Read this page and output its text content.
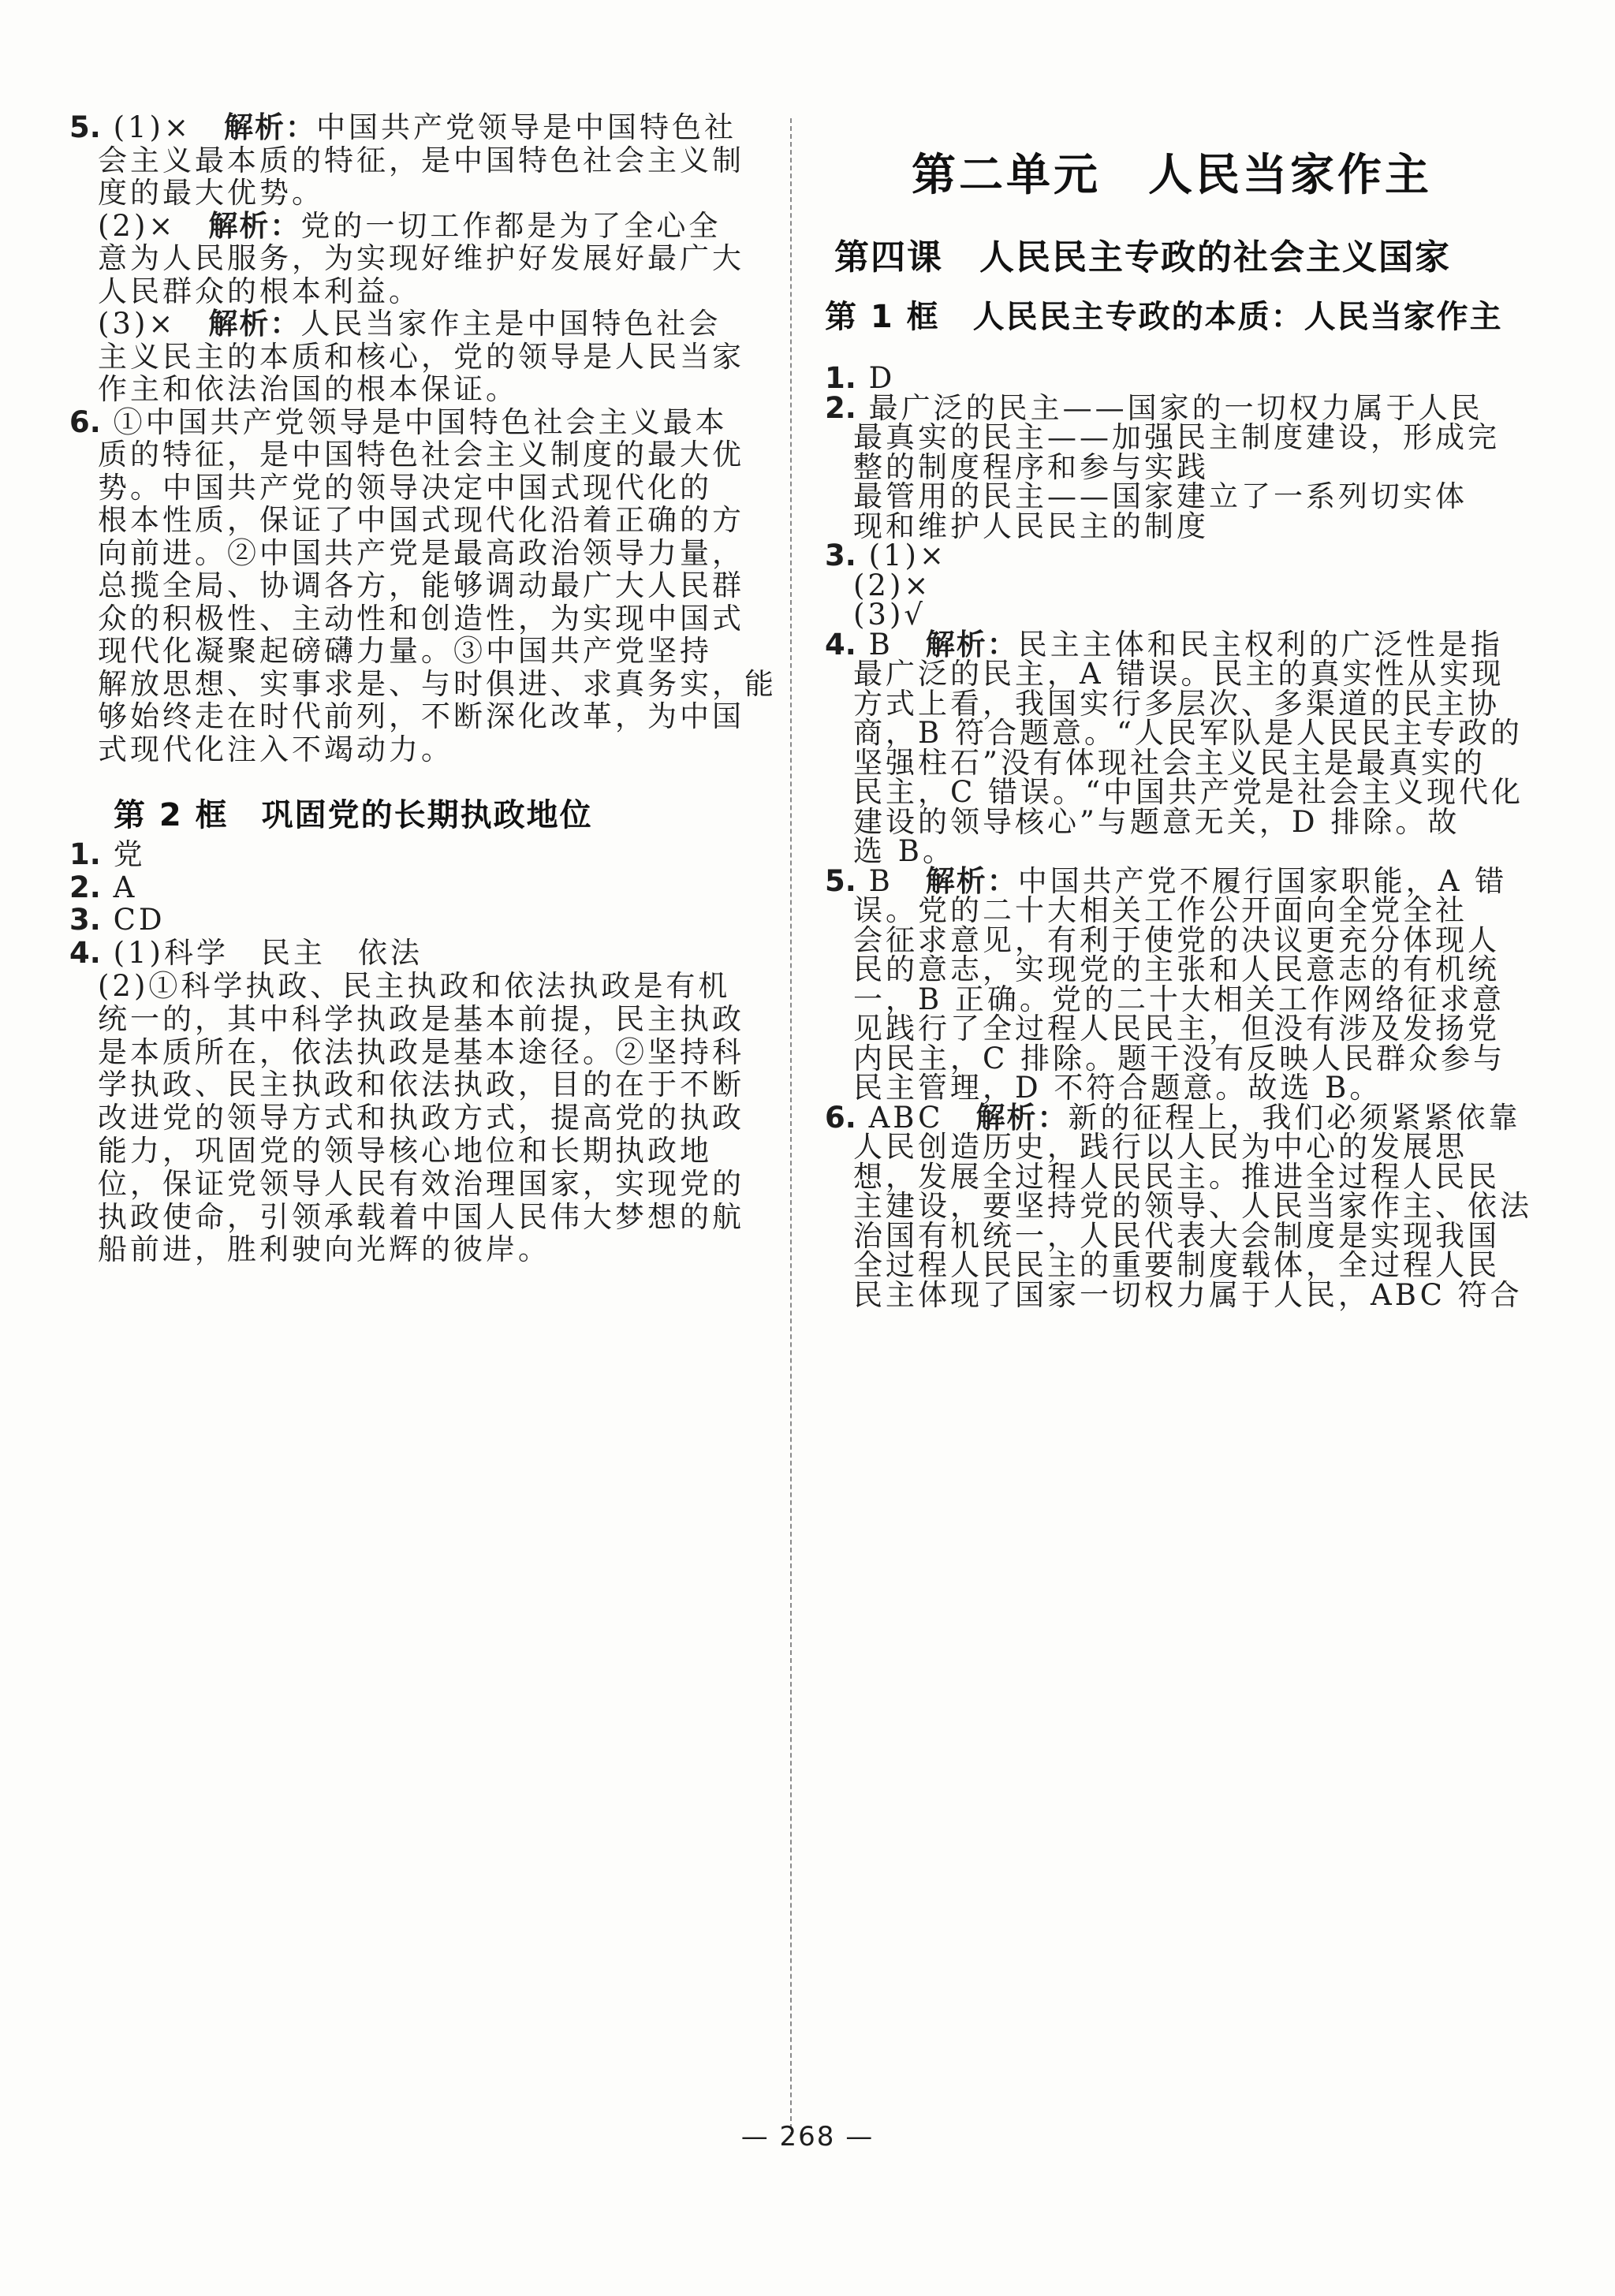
5. (1)×　解析：中国共产党领导是中国特色社
会主义最本质的特征，是中国特色社会主义制
度的最大优势。
(2)×　解析：党的一切工作都是为了全心全
意为人民服务，为实现好维护好发展好最广大
人民群众的根本利益。
(3)×　解析：人民当家作主是中国特色社会
主义民主的本质和核心，党的领导是人民当家
作主和依法治国的根本保证。
6. ①中国共产党领导是中国特色社会主义最本
质的特征，是中国特色社会主义制度的最大优
势。中国共产党的领导决定中国式现代化的
根本性质，保证了中国式现代化沿着正确的方
向前进。②中国共产党是最高政治领导力量，
总揽全局、协调各方，能够调动最广大人民群
众的积极性、主动性和创造性，为实现中国式
现代化凝聚起磅礴力量。③中国共产党坚持
解放思想、实事求是、与时俱进、求真务实，能
够始终走在时代前列，不断深化改革，为中国
式现代化注入不竭动力。
第 2 框　巩固党的长期执政地位
1. 党
2. A
3. CD
4. (1)科学　民主　依法
(2)①科学执政、民主执政和依法执政是有机
统一的，其中科学执政是基本前提，民主执政
是本质所在，依法执政是基本途径。②坚持科
学执政、民主执政和依法执政，目的在于不断
改进党的领导方式和执政方式，提高党的执政
能力，巩固党的领导核心地位和长期执政地
位，保证党领导人民有效治理国家，实现党的
执政使命，引领承载着中国人民伟大梦想的航
船前进，胜利驶向光辉的彼岸。
第二单元　人民当家作主
第四课　人民民主专政的社会主义国家
第 1 框　人民民主专政的本质：人民当家作主
1. D
2. 最广泛的民主——国家的一切权力属于人民
最真实的民主——加强民主制度建设，形成完
整的制度程序和参与实践
最管用的民主——国家建立了一系列切实体
现和维护人民民主的制度
3. (1)×
(2)×
(3)√
4. B　解析：民主主体和民主权利的广泛性是指
最广泛的民主，A 错误。民主的真实性从实现
方式上看，我国实行多层次、多渠道的民主协
商，B 符合题意。“人民军队是人民民主专政的
坚强柱石”没有体现社会主义民主是最真实的
民主，C 错误。“中国共产党是社会主义现代化
建设的领导核心”与题意无关，D 排除。故
选 B。
5. B　解析：中国共产党不履行国家职能，A 错
误。党的二十大相关工作公开面向全党全社
会征求意见，有利于使党的决议更充分体现人
民的意志，实现党的主张和人民意志的有机统
一，B 正确。党的二十大相关工作网络征求意
见践行了全过程人民民主，但没有涉及发扬党
内民主，C 排除。题干没有反映人民群众参与
民主管理，D 不符合题意。故选 B。
6. ABC　解析：新的征程上，我们必须紧紧依靠
人民创造历史，践行以人民为中心的发展思
想，发展全过程人民民主。推进全过程人民民
主建设，要坚持党的领导、人民当家作主、依法
治国有机统一，人民代表大会制度是实现我国
全过程人民民主的重要制度载体，全过程人民
民主体现了国家一切权力属于人民，ABC 符合
— 268 —
